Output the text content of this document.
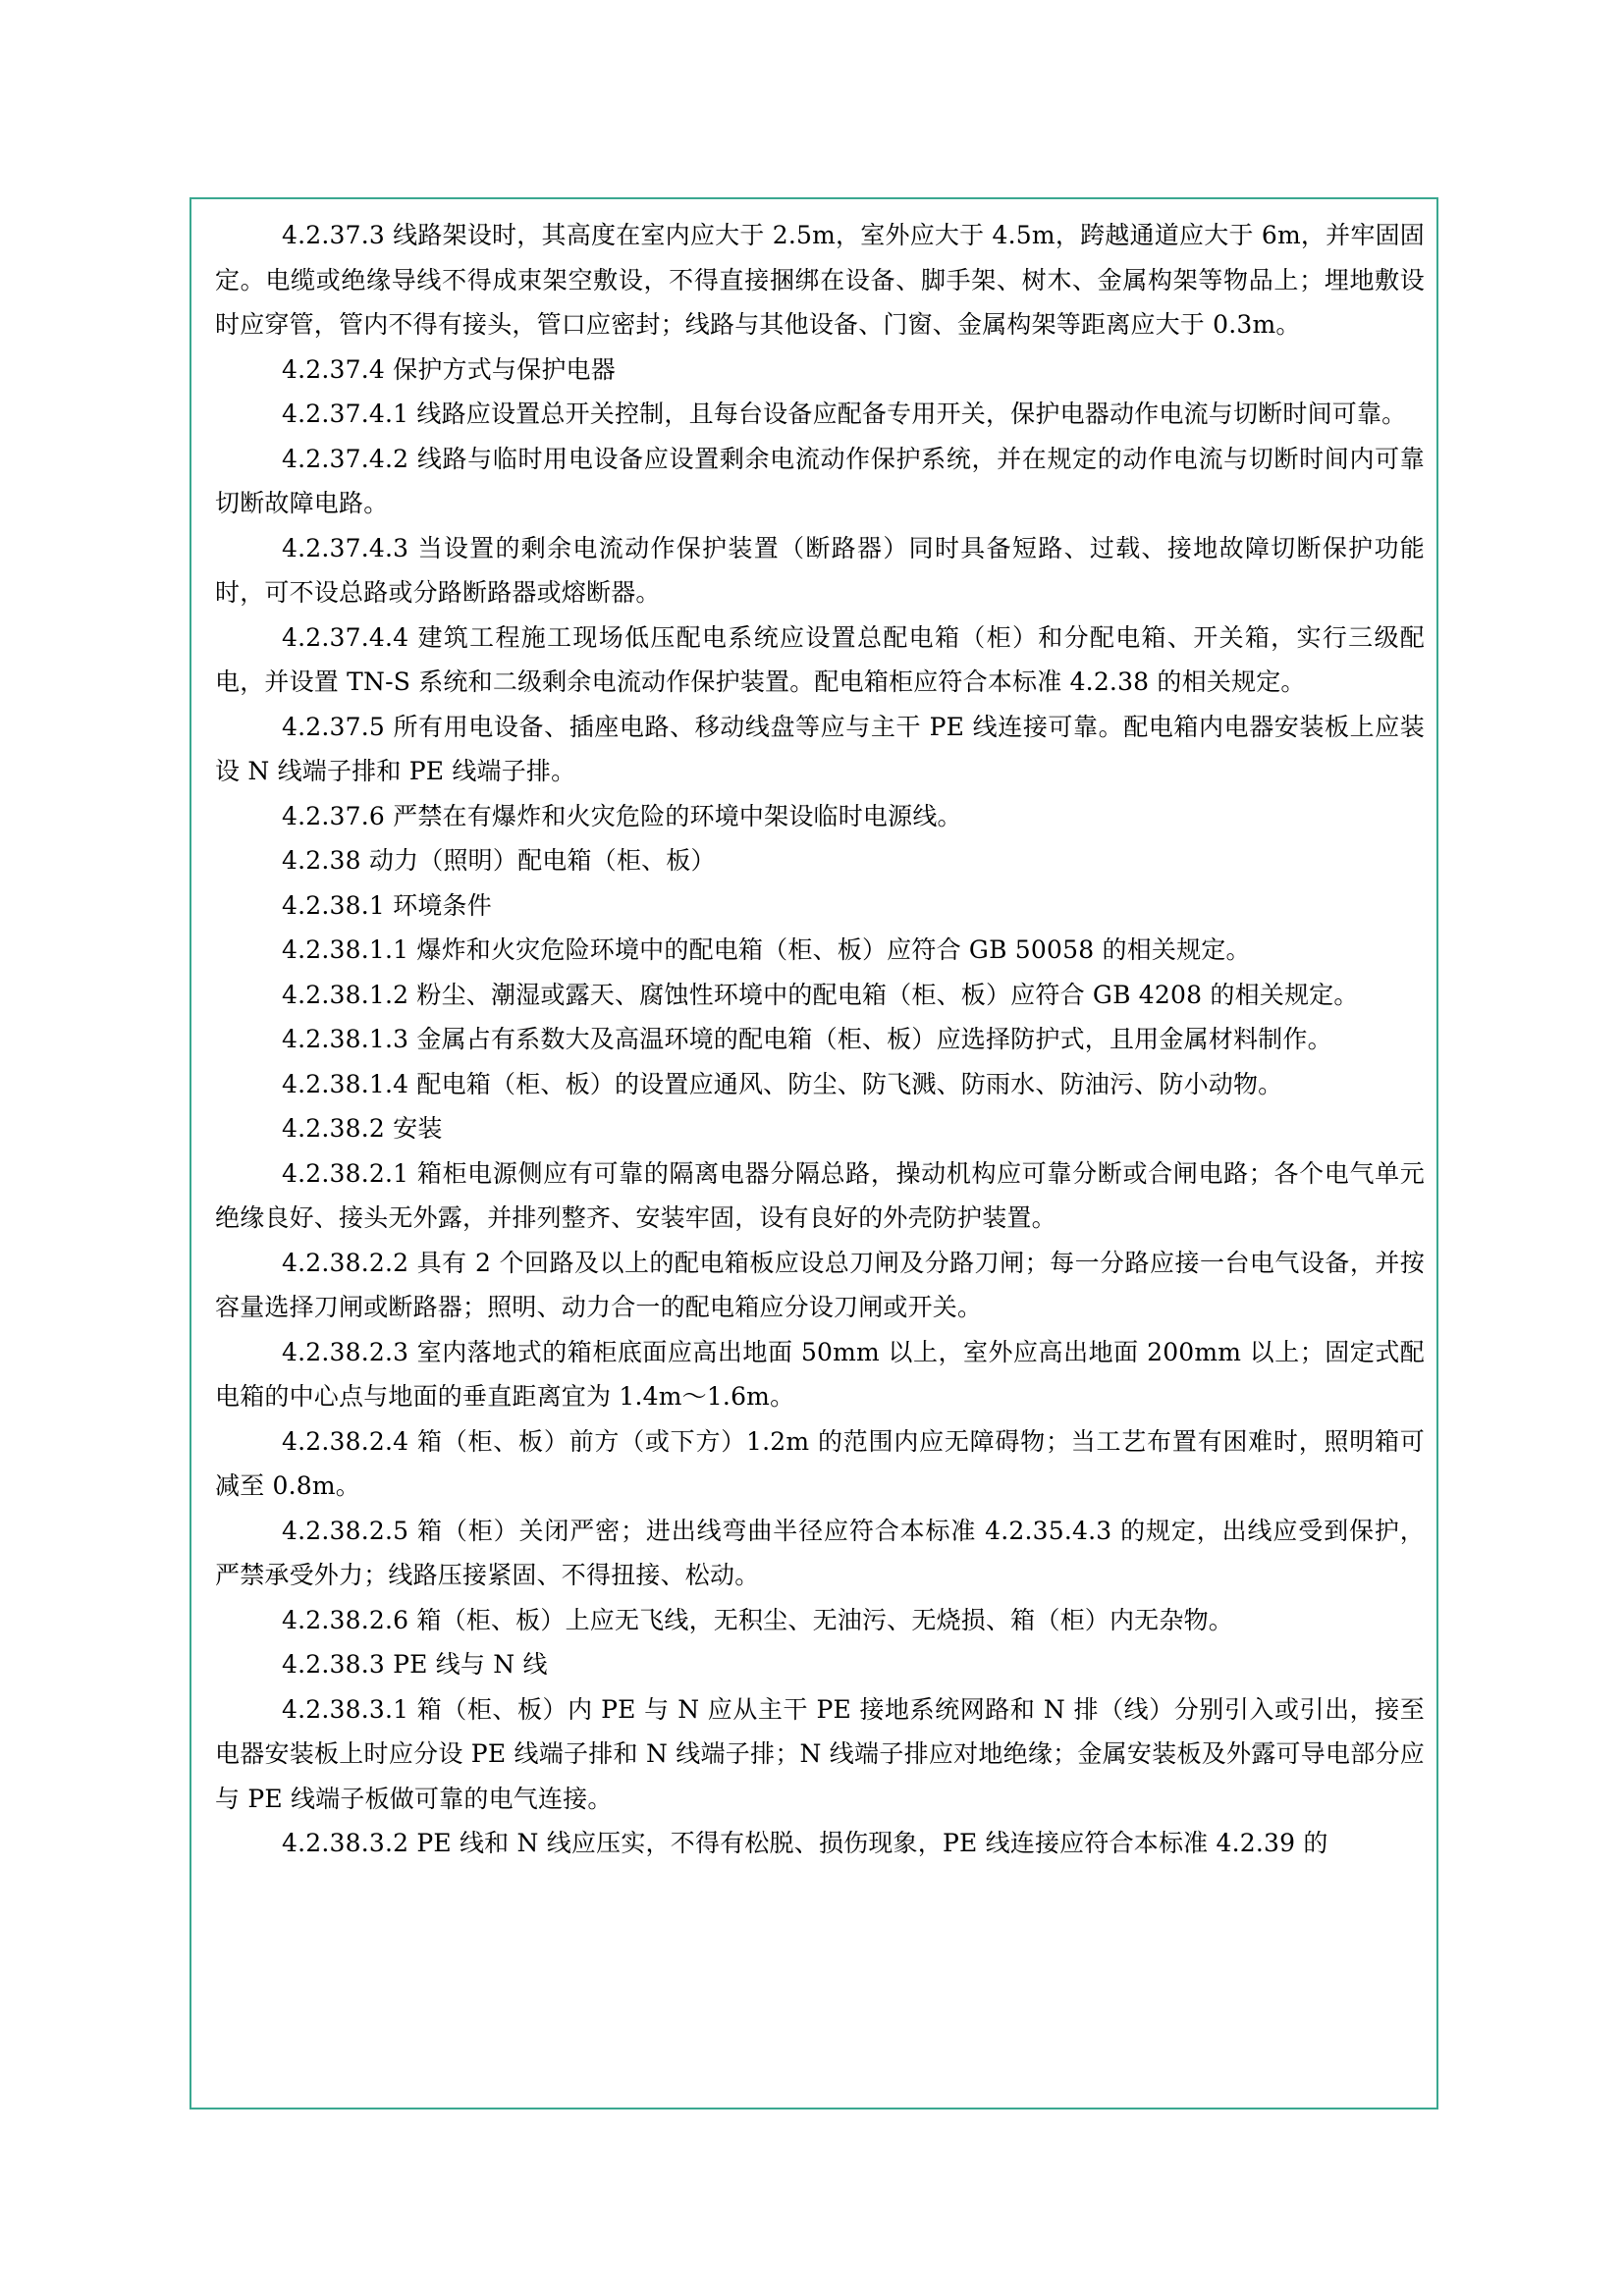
4.2.37.3 线路架设时，其高度在室内应大于 2.5m，室外应大于 4.5m，跨越通道应大于 6m，并牢固固定。电缆或绝缘导线不得成束架空敷设，不得直接捆绑在设备、脚手架、树木、金属构架等物品上；埋地敷设时应穿管，管内不得有接头，管口应密封；线路与其他设备、门窗、金属构架等距离应大于 0.3m。

4.2.37.4 保护方式与保护电器

4.2.37.4.1 线路应设置总开关控制，且每台设备应配备专用开关，保护电器动作电流与切断时间可靠。

4.2.37.4.2 线路与临时用电设备应设置剩余电流动作保护系统，并在规定的动作电流与切断时间内可靠切断故障电路。

4.2.37.4.3 当设置的剩余电流动作保护装置（断路器）同时具备短路、过载、接地故障切断保护功能时，可不设总路或分路断路器或熔断器。

4.2.37.4.4 建筑工程施工现场低压配电系统应设置总配电箱（柜）和分配电箱、开关箱，实行三级配电，并设置 TN-S 系统和二级剩余电流动作保护装置。配电箱柜应符合本标准 4.2.38 的相关规定。

4.2.37.5 所有用电设备、插座电路、移动线盘等应与主干 PE 线连接可靠。配电箱内电器安装板上应装设 N 线端子排和 PE 线端子排。

4.2.37.6 严禁在有爆炸和火灾危险的环境中架设临时电源线。

4.2.38 动力（照明）配电箱（柜、板）

4.2.38.1 环境条件

4.2.38.1.1 爆炸和火灾危险环境中的配电箱（柜、板）应符合 GB 50058 的相关规定。

4.2.38.1.2 粉尘、潮湿或露天、腐蚀性环境中的配电箱（柜、板）应符合 GB 4208 的相关规定。

4.2.38.1.3 金属占有系数大及高温环境的配电箱（柜、板）应选择防护式，且用金属材料制作。

4.2.38.1.4 配电箱（柜、板）的设置应通风、防尘、防飞溅、防雨水、防油污、防小动物。

4.2.38.2 安装

4.2.38.2.1 箱柜电源侧应有可靠的隔离电器分隔总路，操动机构应可靠分断或合闸电路；各个电气单元绝缘良好、接头无外露，并排列整齐、安装牢固，设有良好的外壳防护装置。

4.2.38.2.2 具有 2 个回路及以上的配电箱板应设总刀闸及分路刀闸；每一分路应接一台电气设备，并按容量选择刀闸或断路器；照明、动力合一的配电箱应分设刀闸或开关。

4.2.38.2.3 室内落地式的箱柜底面应高出地面 50mm 以上，室外应高出地面 200mm 以上；固定式配电箱的中心点与地面的垂直距离宜为 1.4m～1.6m。

4.2.38.2.4 箱（柜、板）前方（或下方）1.2m 的范围内应无障碍物；当工艺布置有困难时，照明箱可减至 0.8m。

4.2.38.2.5 箱（柜）关闭严密；进出线弯曲半径应符合本标准 4.2.35.4.3 的规定，出线应受到保护，严禁承受外力；线路压接紧固、不得扭接、松动。

4.2.38.2.6 箱（柜、板）上应无飞线，无积尘、无油污、无烧损、箱（柜）内无杂物。

4.2.38.3 PE 线与 N 线

4.2.38.3.1 箱（柜、板）内 PE 与 N 应从主干 PE 接地系统网路和 N 排（线）分别引入或引出，接至电器安装板上时应分设 PE 线端子排和 N 线端子排；N 线端子排应对地绝缘；金属安装板及外露可导电部分应与 PE 线端子板做可靠的电气连接。

4.2.38.3.2 PE 线和 N 线应压实，不得有松脱、损伤现象，PE 线连接应符合本标准 4.2.39 的
